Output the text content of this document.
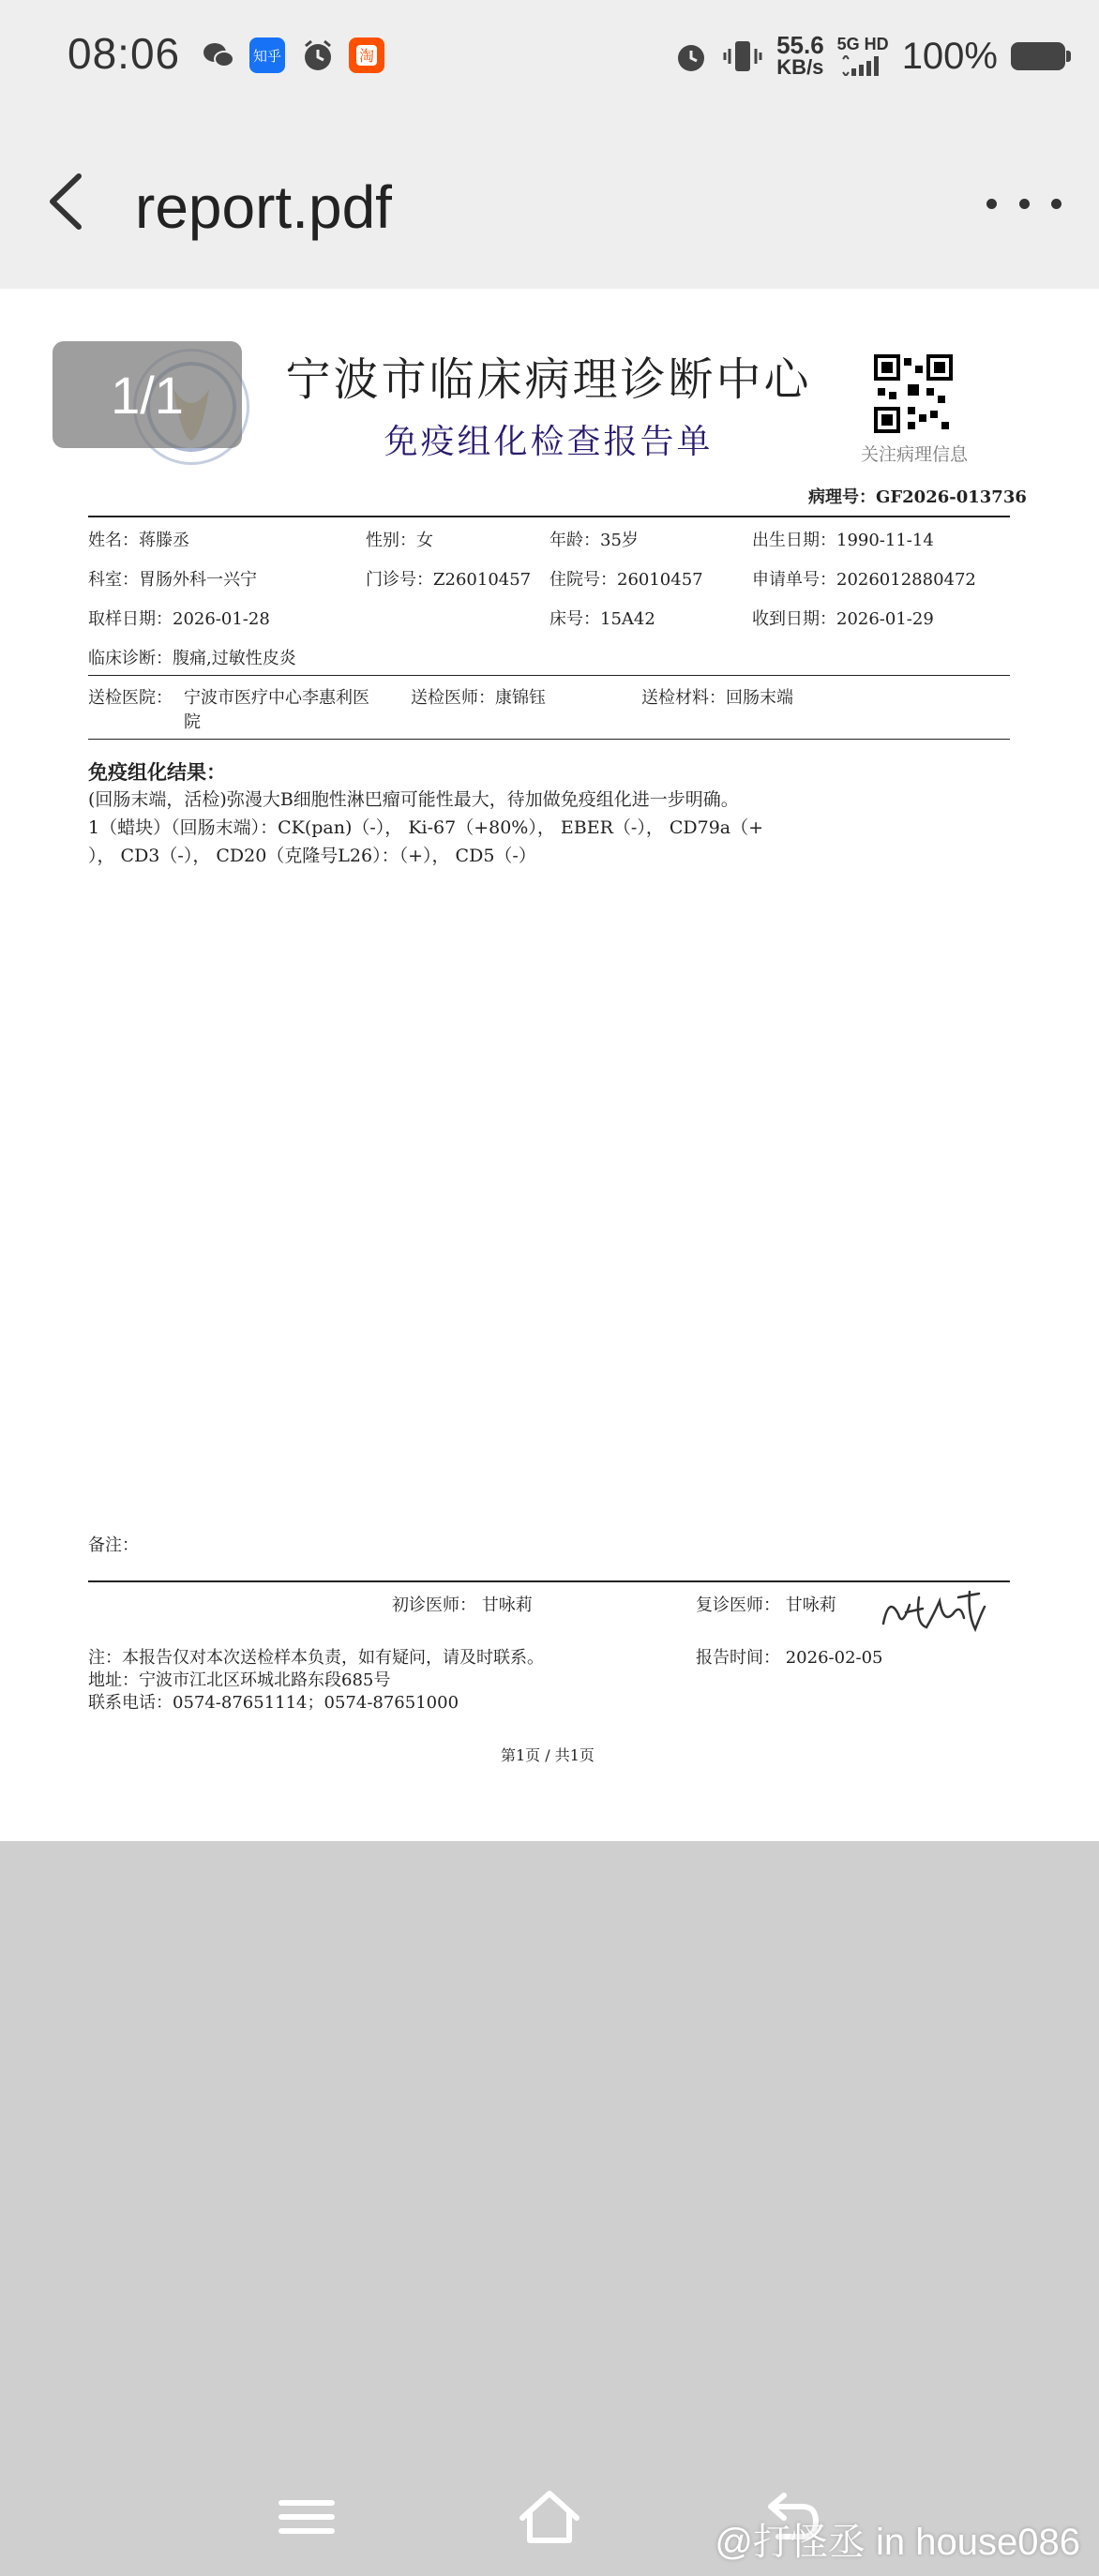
08:06	知乎	淘	55.6
KB/s
5G HD 100%
report.pdf
1/1	宁波市临床病理诊断中心
免疫组化检查报告单	关注病理信息
病理号：GF2026-013736
姓名：蒋滕丞	性别：女	年龄：35岁	出生日期：1990-11-14
科室：胃肠外科一兴宁	门诊号：Z26010457 住院号：26010457	申请单号：2026012880472
取样日期：2026-01-28	床号：15A42	收到日期：2026-01-29
临床诊断：腹痛,过敏性皮炎
送检医院： 宁波市医疗中心李惠利医
院
送检医师：康锦钰	送检材料：回肠末端
免疫组化结果：
(回肠末端，活检)弥漫大B细胞性淋巴瘤可能性最大，待加做免疫组化进一步明确。
1（蜡块）（回肠末端）：CK(pan)（-）， Ki-67（+80%）， EBER（-）， CD79a（+
）， CD3（-）， CD20（克隆号L26）：（+）， CD5（-）
备注：
初诊医师： 甘咏莉	复诊医师： 甘咏莉
注：本报告仅对本次送检样本负责，如有疑问，请及时联系。	报告时间： 2026-02-05
地址：宁波市江北区环城北路东段685号
联系电话：0574-87651114；0574-87651000
第1页 / 共1页
@打怪丞 in house086
